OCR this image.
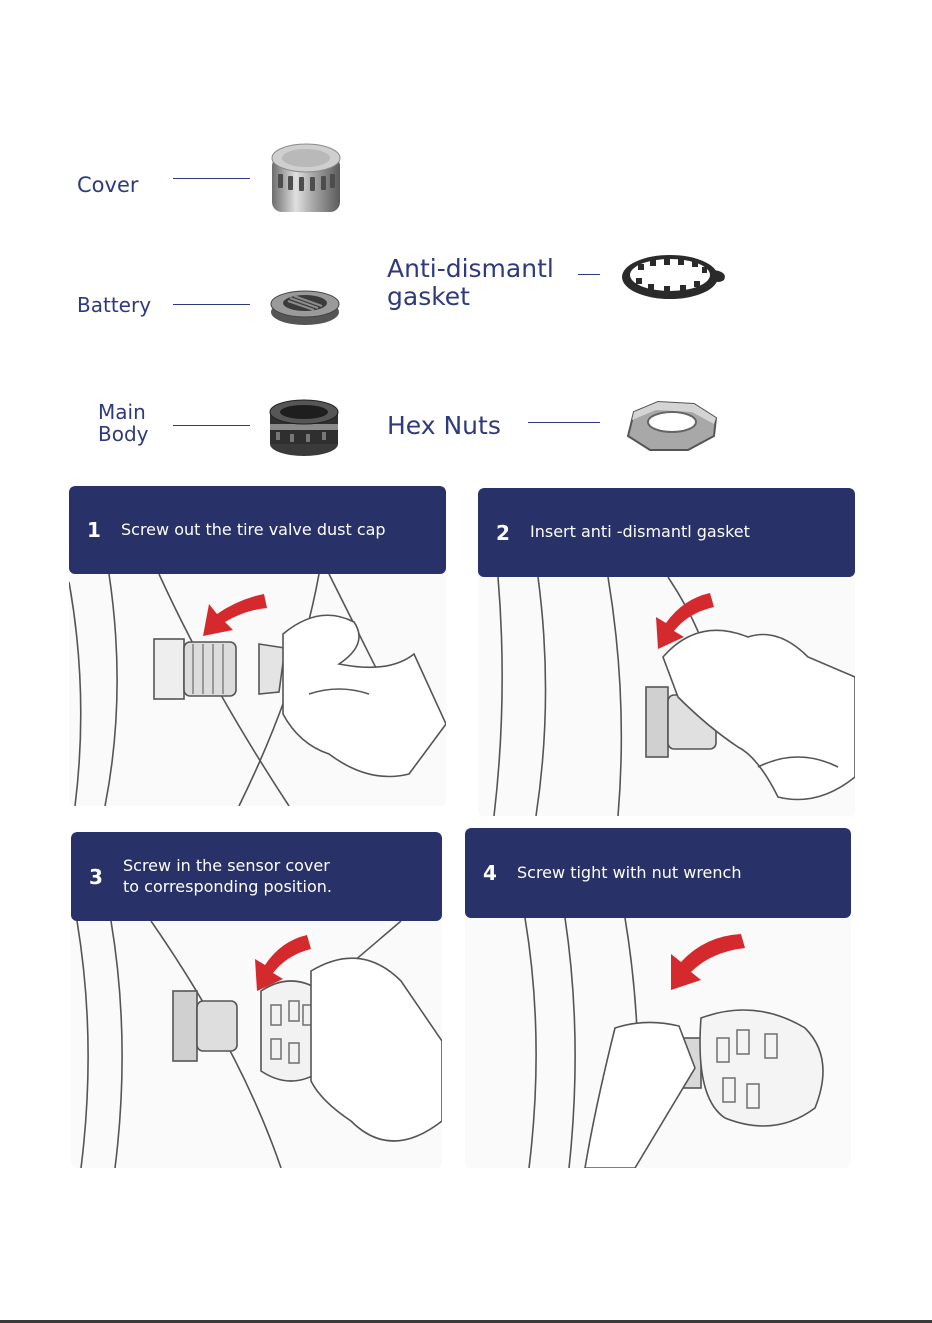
Cover
Battery
Main
Body
Anti-dismantl
gasket
Hex Nuts
1	Screw out the tire valve dust cap	2	Insert anti -dismantl gasket
3	Screw in the sensor cover
to corresponding position.
4	Screw tight with nut wrench
